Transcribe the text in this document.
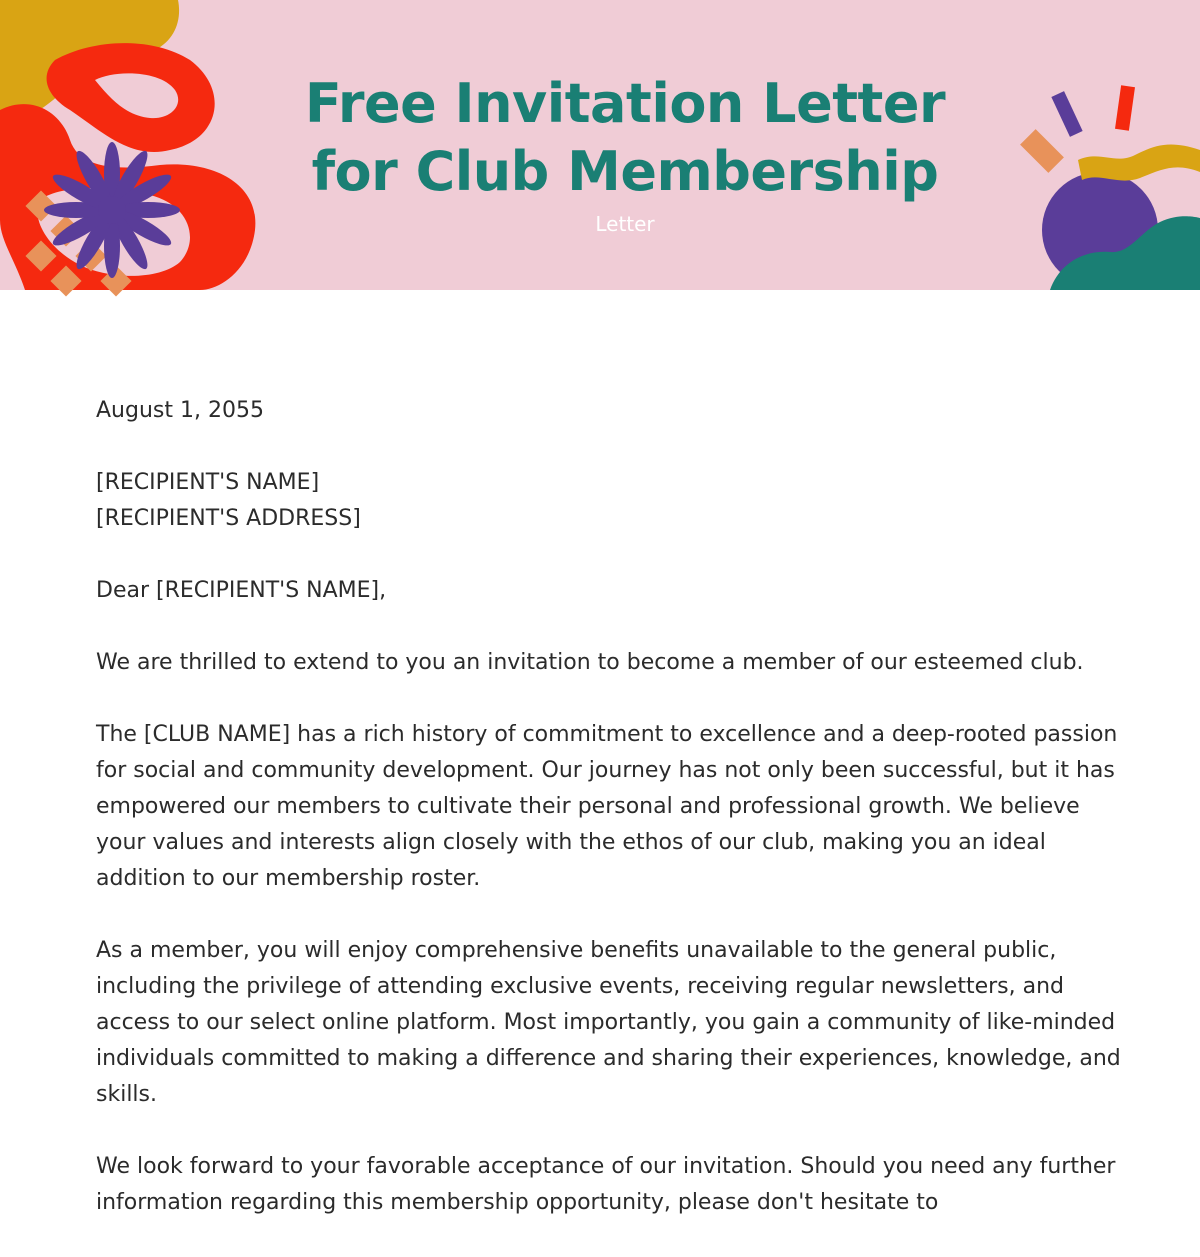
Free Invitation Letter
for Club Membership
Letter

August 1, 2055

[RECIPIENT'S NAME]
[RECIPIENT'S ADDRESS]

Dear [RECIPIENT'S NAME],

We are thrilled to extend to you an invitation to become a member of our esteemed club.

The [CLUB NAME] has a rich history of commitment to excellence and a deep-rooted passion for social and community development. Our journey has not only been successful, but it has empowered our members to cultivate their personal and professional growth. We believe your values and interests align closely with the ethos of our club, making you an ideal addition to our membership roster.

As a member, you will enjoy comprehensive benefits unavailable to the general public, including the privilege of attending exclusive events, receiving regular newsletters, and access to our select online platform. Most importantly, you gain a community of like-minded individuals committed to making a difference and sharing their experiences, knowledge, and skills.

We look forward to your favorable acceptance of our invitation. Should you need any further information regarding this membership opportunity, please don't hesitate to
